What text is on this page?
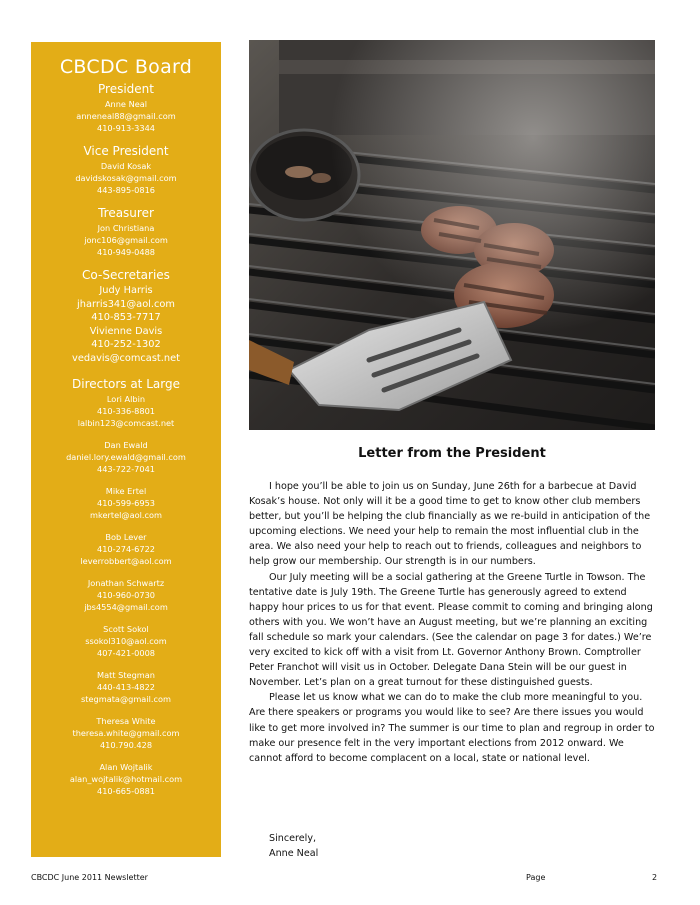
CBCDC Board
President
Anne Neal
anneneal88@gmail.com
410-913-3344
Vice President
David Kosak
davidskosak@gmail.com
443-895-0816
Treasurer
Jon Christiana
jonc106@gmail.com
410-949-0488
Co-Secretaries
Judy Harris
jharris341@aol.com
410-853-7717
Vivienne Davis
410-252-1302
vedavis@comcast.net
Directors at Large
Lori Albin
410-336-8801
lalbin123@comcast.net
Dan Ewald
daniel.lory.ewald@gmail.com
443-722-7041
Mike Ertel
410-599-6953
mkertel@aol.com
Bob Lever
410-274-6722
leverrobbert@aol.com
Jonathan Schwartz
410-960-0730
jbs4554@gmail.com
Scott Sokol
ssokol310@aol.com
407-421-0008
Matt Stegman
440-413-4822
stegmata@gmail.com
Theresa White
theresa.white@gmail.com
410.790.428
Alan Wojtalik
alan_wojtalik@hotmail.com
410-665-0881
Letter from the President

I hope you’ll be able to join us on Sunday, June 26th for a barbecue at David Kosak’s house. Not only will it be a good time to get to know other club members better, but you’ll be helping the club financially as we re-build in anticipation of the upcoming elections. We need your help to remain the most influential club in the area. We also need your help to reach out to friends, colleagues and neighbors to help grow our membership. Our strength is in our numbers.

Our July meeting will be a social gathering at the Greene Turtle in Towson. The tentative date is July 19th. The Greene Turtle has generously agreed to extend happy hour prices to us for that event. Please commit to coming and bringing along others with you. We won’t have an August meeting, but we’re planning an exciting fall schedule so mark your calendars. (See the calendar on page 3 for dates.) We’re very excited to kick off with a visit from Lt. Governor Anthony Brown. Comptroller Peter Franchot will visit us in October. Delegate Dana Stein will be our guest in November. Let’s plan on a great turnout for these distinguished guests.

Please let us know what we can do to make the club more meaningful to you. Are there speakers or programs you would like to see? Are there issues you would like to get more involved in? The summer is our time to plan and regroup in order to make our presence felt in the very important elections from 2012 onward. We cannot afford to become complacent on a local, state or national level.

Sincerely,
Anne Neal
CBCDC June 2011 Newsletter	Page	2
